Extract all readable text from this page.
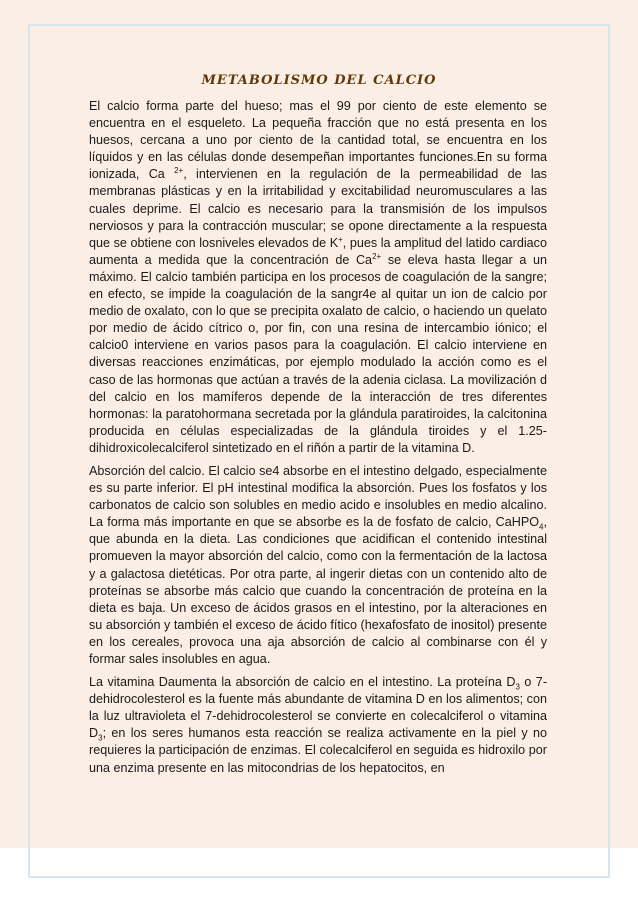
METABOLISMO DEL CALCIO

El calcio forma parte del hueso; mas el 99 por ciento de este elemento se encuentra en el esqueleto. La pequeña fracción que no está presenta en los huesos, cercana a uno por ciento de la cantidad total, se encuentra en los líquidos y en las células donde desempeñan importantes funciones.En su forma ionizada, Ca $^{2+}$, intervienen en la regulación de la permeabilidad de las membranas plásticas y en la irritabilidad y excitabilidad neuromusculares a las cuales deprime. El calcio es necesario para la transmisión de los impulsos nerviosos y para la contracción muscular; se opone directamente a la respuesta que se obtiene con losniveles elevados de K+, pues la amplitud del latido cardiaco aumenta a medida que la concentración de $Ca^{2+}$ se eleva hasta llegar a un máximo. El calcio también participa en los procesos de coagulación de la sangre; en efecto, se impide la coagulación de la sangr4e al quitar un ion de calcio por medio de oxalato, con lo que se precipita oxalato de calcio, o haciendo un quelato por medio de ácido cítrico o, por fin, con una resina de intercambio iónico; el calcio0 interviene en varios pasos para la coagulación. El calcio interviene en diversas reacciones enzimáticas, por ejemplo modulado la acción como es el caso de las hormonas que actúan a través de la adenia ciclasa. La movilización d del calcio en los mamíferos depende de la interacción de tres diferentes hormonas: la paratohormana secretada por la glándula paratiroides, la calcitonina producida en células especializadas de la glándula tiroides y el 1.25-dihidroxicolecalciferol sintetizado en el riñón a partir de la vitamina D.

Absorción del calcio. El calcio se4 absorbe en el intestino delgado, especialmente es su parte inferior. El pH intestinal modifica la absorción. Pues los fosfatos y los carbonatos de calcio son solubles en medio acido e insolubles en medio alcalino. La forma más importante en que se absorbe es la de fosfato de calcio, CaHPO$_4$, que abunda en la dieta. Las condiciones que acidifican el contenido intestinal promueven la mayor absorción del calcio, como con la fermentación de la lactosa y a galactosa dietéticas. Por otra parte, al ingerir dietas con un contenido alto de proteínas se absorbe más calcio que cuando la concentración de proteína en la dieta es baja. Un exceso de ácidos grasos en el intestino, por la alteraciones en su absorción y también el exceso de ácido fítico (hexafosfato de inositol) presente en los cereales, provoca una aja absorción de calcio al combinarse con él y formar sales insolubles en agua.

La vitamina Daumenta la absorción de calcio en el intestino. La proteína $D_3$ o 7-dehidrocolesterol es la fuente más abundante de vitamina D en los alimentos; con la luz ultravioleta el 7-dehidrocolesterol se convierte en colecalciferol o vitamina $D_3$; en los seres humanos esta reacción se realiza activamente en la piel y no requieres la participación de enzimas. El colecalciferol en seguida es hidroxilo por una enzima presente en las mitocondrias de los hepatocitos, en
